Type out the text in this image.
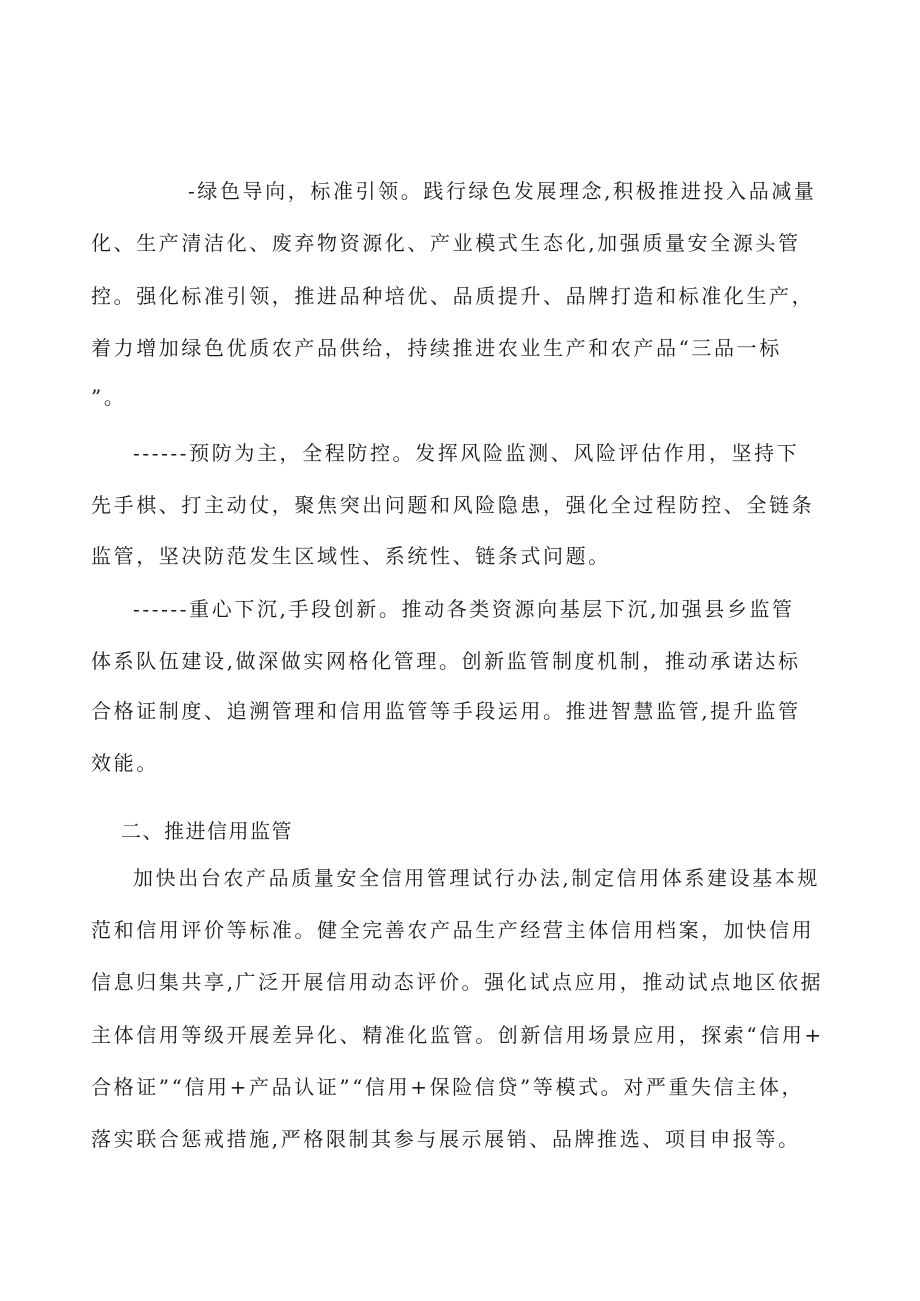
-绿色导向，标准引领。践行绿色发展理念,积极推进投入品减量
化、生产清洁化、废弃物资源化、产业模式生态化,加强质量安全源头管
控。强化标准引领，推进品种培优、品质提升、品牌打造和标准化生产，
着力增加绿色优质农产品供给，持续推进农业生产和农产品“三品一标
”。
------预防为主，全程防控。发挥风险监测、风险评估作用，坚持下
先手棋、打主动仗，聚焦突出问题和风险隐患，强化全过程防控、全链条
监管，坚决防范发生区域性、系统性、链条式问题。
------重心下沉,手段创新。推动各类资源向基层下沉,加强县乡监管
体系队伍建设,做深做实网格化管理。创新监管制度机制，推动承诺达标
合格证制度、追溯管理和信用监管等手段运用。推进智慧监管,提升监管
效能。
二、推进信用监管
加快出台农产品质量安全信用管理试行办法,制定信用体系建设基本规
范和信用评价等标准。健全完善农产品生产经营主体信用档案，加快信用
信息归集共享,广泛开展信用动态评价。强化试点应用，推动试点地区依据
主体信用等级开展差异化、精准化监管。创新信用场景应用，探索“信用+
合格证”“信用+产品认证”“信用+保险信贷”等模式。对严重失信主体，
落实联合惩戒措施,严格限制其参与展示展销、品牌推选、项目申报等。
